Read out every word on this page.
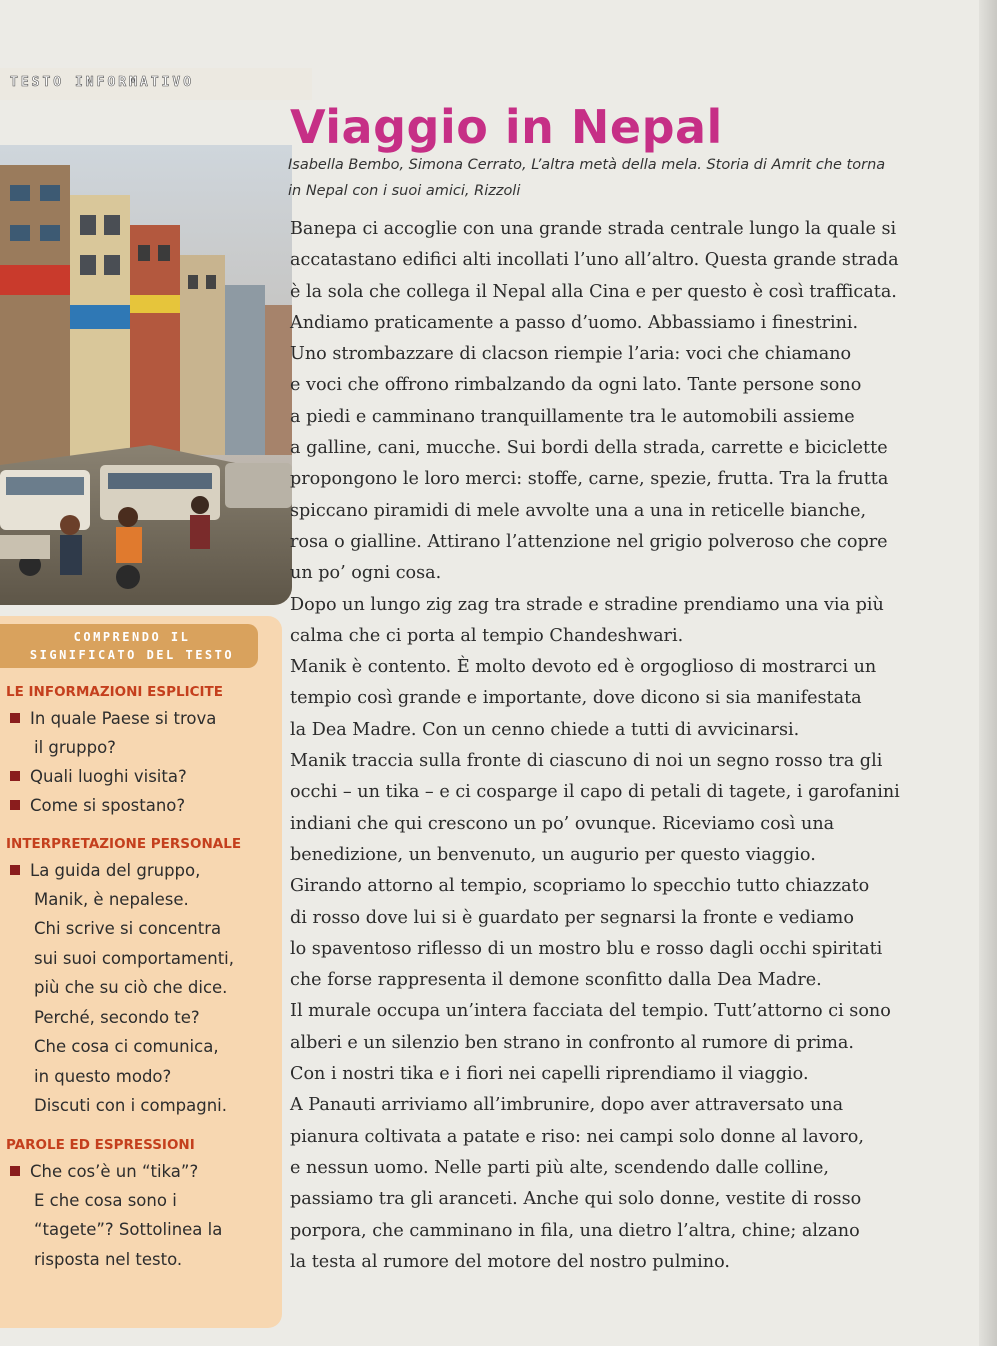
TESTO INFORMATIVO
Viaggio in Nepal
Isabella Bembo, Simona Cerrato, L’altra metà della mela. Storia di Amrit che torna in Nepal con i suoi amici, Rizzoli
Banepa ci accoglie con una grande strada centrale lungo la quale si
accatastano edifici alti incollati l’uno all’altro. Questa grande strada
è la sola che collega il Nepal alla Cina e per questo è così trafficata.
Andiamo praticamente a passo d’uomo. Abbassiamo i finestrini.
Uno strombazzare di clacson riempie l’aria: voci che chiamano
e voci che offrono rimbalzando da ogni lato. Tante persone sono
a piedi e camminano tranquillamente tra le automobili assieme
a galline, cani, mucche. Sui bordi della strada, carrette e biciclette
propongono le loro merci: stoffe, carne, spezie, frutta. Tra la frutta
spiccano piramidi di mele avvolte una a una in reticelle bianche,
rosa o gialline. Attirano l’attenzione nel grigio polveroso che copre
un po’ ogni cosa.
Dopo un lungo zig zag tra strade e stradine prendiamo una via più
calma che ci porta al tempio Chandeshwari.
Manik è contento. È molto devoto ed è orgoglioso di mostrarci un
tempio così grande e importante, dove dicono si sia manifestata
la Dea Madre. Con un cenno chiede a tutti di avvicinarsi.
Manik traccia sulla fronte di ciascuno di noi un segno rosso tra gli
occhi – un tika – e ci cosparge il capo di petali di tagete, i garofanini
indiani che qui crescono un po’ ovunque. Riceviamo così una
benedizione, un benvenuto, un augurio per questo viaggio.
Girando attorno al tempio, scopriamo lo specchio tutto chiazzato
di rosso dove lui si è guardato per segnarsi la fronte e vediamo
lo spaventoso riflesso di un mostro blu e rosso dagli occhi spiritati
che forse rappresenta il demone sconfitto dalla Dea Madre.
Il murale occupa un’intera facciata del tempio. Tutt’attorno ci sono
alberi e un silenzio ben strano in confronto al rumore di prima.
Con i nostri tika e i fiori nei capelli riprendiamo il viaggio.
A Panauti arriviamo all’imbrunire, dopo aver attraversato una
pianura coltivata a patate e riso: nei campi solo donne al lavoro,
e nessun uomo. Nelle parti più alte, scendendo dalle colline,
passiamo tra gli aranceti. Anche qui solo donne, vestite di rosso
porpora, che camminano in fila, una dietro l’altra, chine; alzano
la testa al rumore del motore del nostro pulmino.
COMPRENDO IL
SIGNIFICATO DEL TESTO
LE INFORMAZIONI ESPLICITE
In quale Paese si trova
il gruppo?
Quali luoghi visita?
Come si spostano?
INTERPRETAZIONE PERSONALE
La guida del gruppo,
Manik, è nepalese.
Chi scrive si concentra
sui suoi comportamenti,
più che su ciò che dice.
Perché, secondo te?
Che cosa ci comunica,
in questo modo?
Discuti con i compagni.
PAROLE ED ESPRESSIONI
Che cos’è un “tika”?
E che cosa sono i
“tagete”? Sottolinea la
risposta nel testo.
